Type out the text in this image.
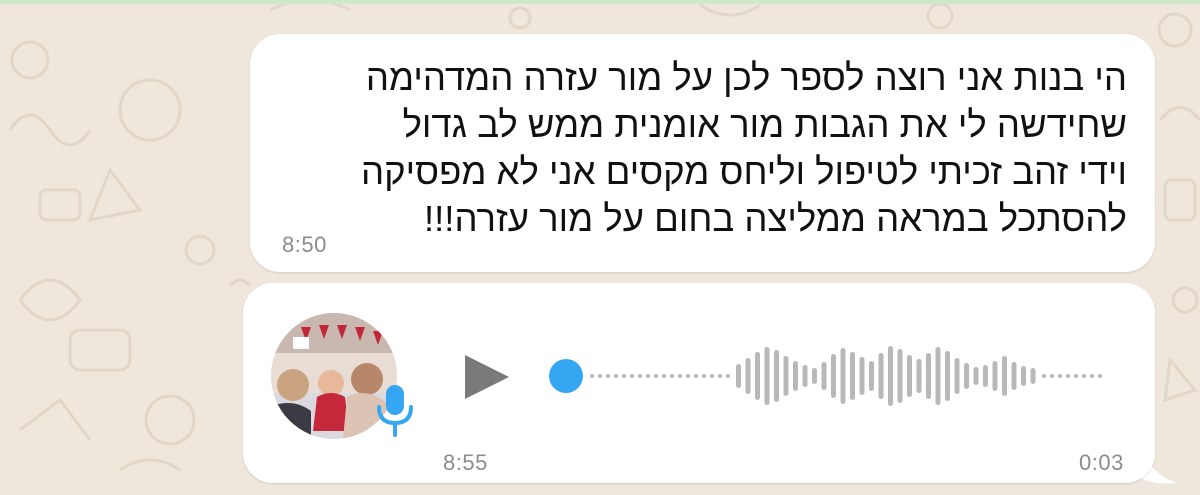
הי בנות אני רוצה לספר לכן על מור עזרה המדהימה
שחידשה לי את הגבות מור אומנית ממש לב גדול
וידי זהב זכיתי לטיפול וליחס מקסים אני לא מפסיקה
להסתכל במראה ממליצה בחום על מור עזרה!!!
8:50
8:55	0:03
